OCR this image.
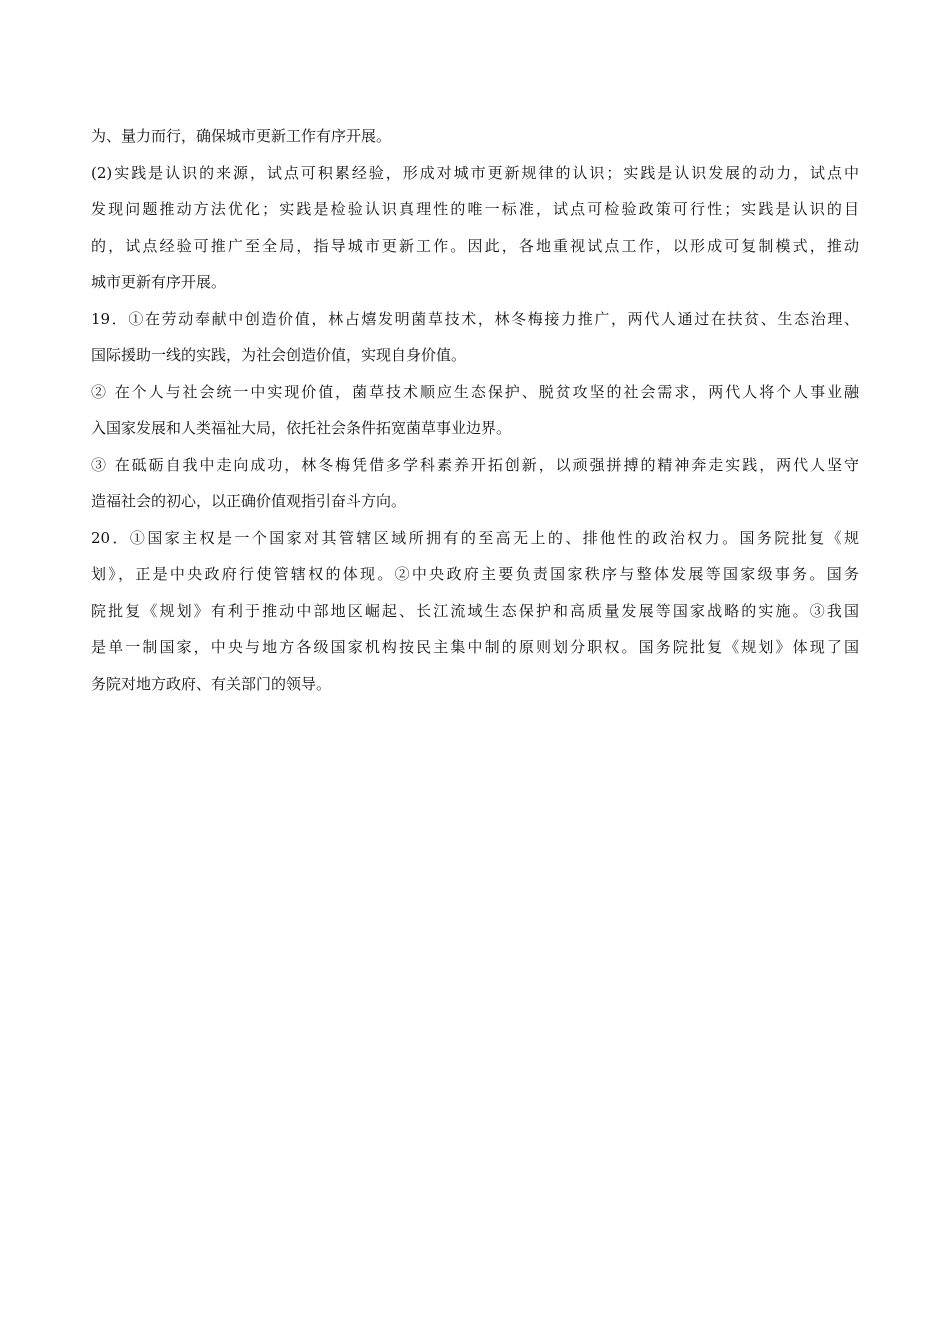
为、量力而行，确保城市更新工作有序开展。
(2)实践是认识的来源，试点可积累经验，形成对城市更新规律的认识；实践是认识发展的动力，试点中
发现问题推动方法优化；实践是检验认识真理性的唯一标准，试点可检验政策可行性；实践是认识的目
的，试点经验可推广至全局，指导城市更新工作。因此，各地重视试点工作，以形成可复制模式，推动
城市更新有序开展。
19．①在劳动奉献中创造价值，林占熺发明菌草技术，林冬梅接力推广，两代人通过在扶贫、生态治理、
国际援助一线的实践，为社会创造价值，实现自身价值。
② 在个人与社会统一中实现价值，菌草技术顺应生态保护、脱贫攻坚的社会需求，两代人将个人事业融
入国家发展和人类福祉大局，依托社会条件拓宽菌草事业边界。
③ 在砥砺自我中走向成功，林冬梅凭借多学科素养开拓创新，以顽强拼搏的精神奔走实践，两代人坚守
造福社会的初心，以正确价值观指引奋斗方向。
20．①国家主权是一个国家对其管辖区域所拥有的至高无上的、排他性的政治权力。国务院批复《规
划》，正是中央政府行使管辖权的体现。②中央政府主要负责国家秩序与整体发展等国家级事务。国务
院批复《规划》有利于推动中部地区崛起、长江流域生态保护和高质量发展等国家战略的实施。③我国
是单一制国家，中央与地方各级国家机构按民主集中制的原则划分职权。国务院批复《规划》体现了国
务院对地方政府、有关部门的领导。
